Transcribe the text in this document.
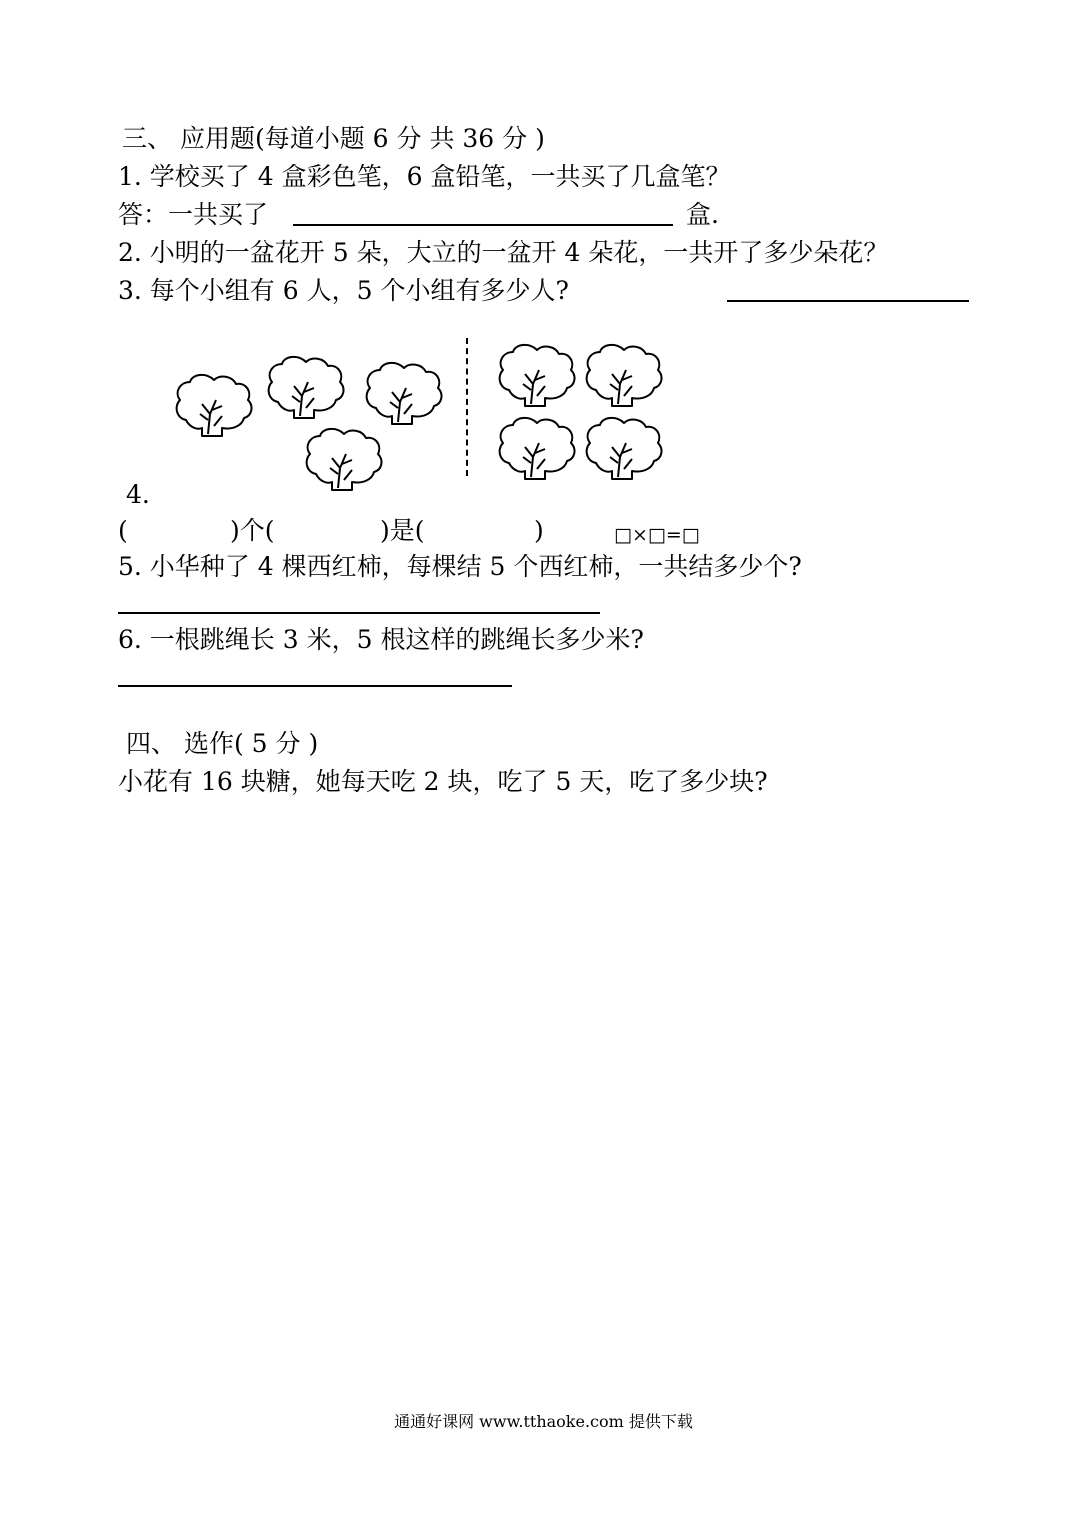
三、 应用题(每道小题 6 分 共 36 分 )
1. 学校买了 4 盒彩色笔，6 盒铅笔，一共买了几盒笔？
答：一共买了	盒.
2. 小明的一盆花开 5 朵，大立的一盆开 4 朵花，一共开了多少朵花？
3. 每个小组有 6 人，5 个小组有多少人?
4.
(	)个(	)是(	)	□×□=□
5. 小华种了 4 棵西红柿，每棵结 5 个西红柿，一共结多少个?
6. 一根跳绳长 3 米，5 根这样的跳绳长多少米?
四、 选作( 5 分 )
小花有 16 块糖，她每天吃 2 块，吃了 5 天，吃了多少块?
通通好课网 www.tthaoke.com 提供下载
